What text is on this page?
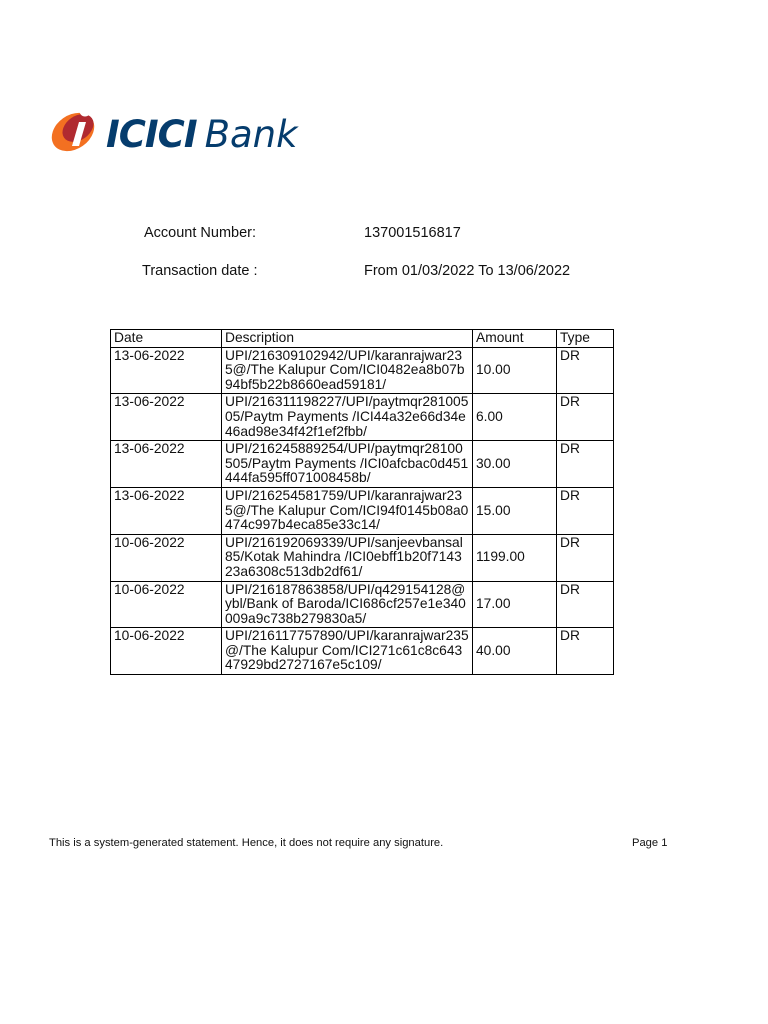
ICICI Bank
Account Number:	137001516817
Transaction date :	From 01/03/2022 To 13/06/2022
Date	Description	Amount	Type
13-06-2022	UPI/216309102942/UPI/karanrajwar235@/The Kalupur Com/ICI0482ea8b07b94bf5b22b8660ead59181/	10.00	DR
13-06-2022	UPI/216311198227/UPI/paytmqr28100505/Paytm Payments /ICI44a32e66d34e46ad98e34f42f1ef2fbb/	6.00	DR
13-06-2022	UPI/216245889254/UPI/paytmqr28100505/Paytm Payments /ICI0afcbac0d451444fa595ff071008458b/	30.00	DR
13-06-2022	UPI/216254581759/UPI/karanrajwar235@/The Kalupur Com/ICI94f0145b08a0474c997b4eca85e33c14/	15.00	DR
10-06-2022	UPI/216192069339/UPI/sanjeevbansal85/Kotak Mahindra /ICI0ebff1b20f714323a6308c513db2df61/	1199.00	DR
10-06-2022	UPI/216187863858/UPI/q429154128@ybl/Bank of Baroda/ICI686cf257e1e340009a9c738b279830a5/	17.00	DR
10-06-2022	UPI/216117757890/UPI/karanrajwar235@/The Kalupur Com/ICI271c61c8c64347929bd2727167e5c109/	40.00	DR
This is a system-generated statement. Hence, it does not require any signature.	Page 1
